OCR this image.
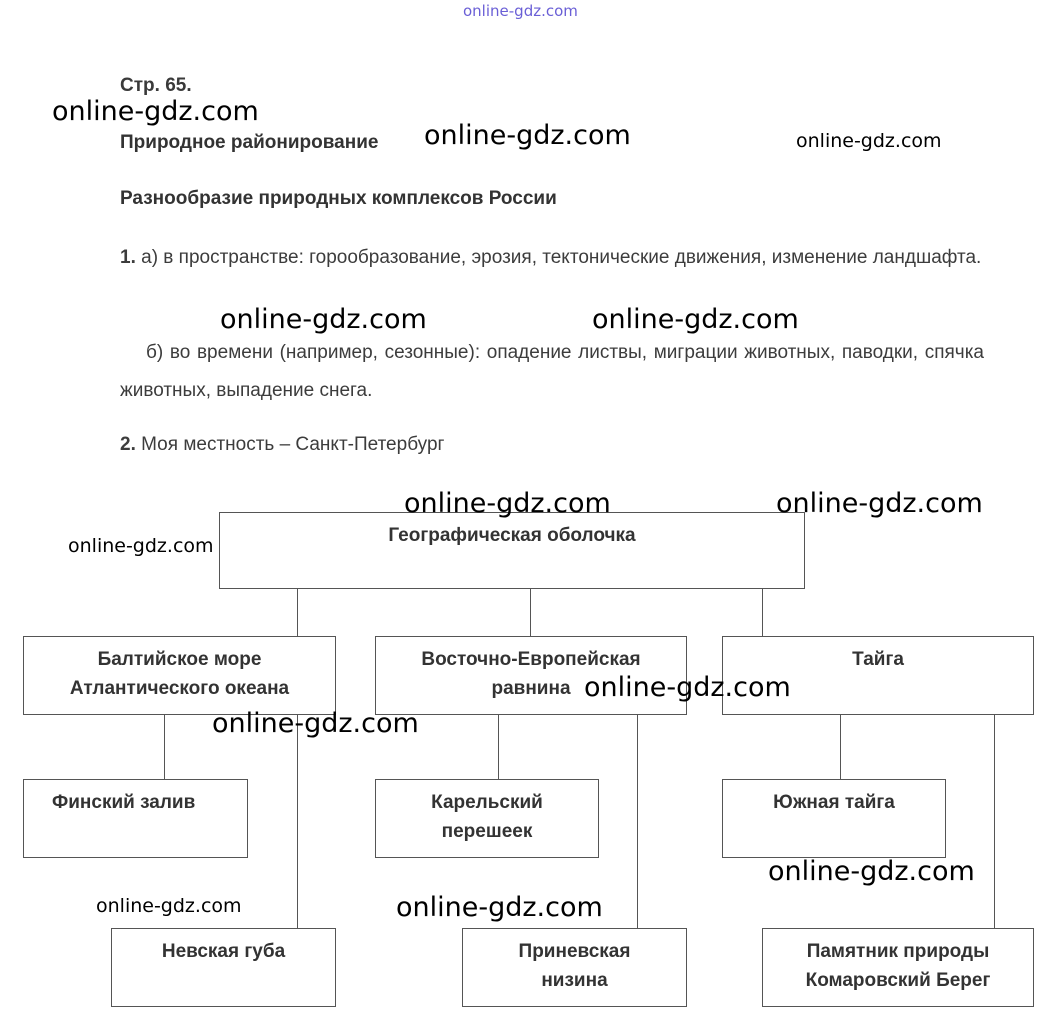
Стр. 65.
Природное районирование
Разнообразие природных комплексов России
1. а) в пространстве: горообразование, эрозия, тектонические движения, изменение ландшафта.
б) во времени (например, сезонные): опадение листвы, миграции животных, паводки, спячка животных, выпадение снега.
2. Моя местность – Санкт-Петербург
Географическая оболочка
Балтийское море
Атлантического океана
Восточно-Европейская
равнина
Тайга
Финский залив	Карельский
перешеек
Южная тайга
Невская губа	Приневская
низина
Памятник природы
Комаровский Берег
online-gdz.com
online-gdz.com
online-gdz.com	online-gdz.com
online-gdz.com	online-gdz.com
online-gdz.com	online-gdz.com
online-gdz.com
online-gdz.com
online-gdz.com
online-gdz.com
online-gdz.com	online-gdz.com
